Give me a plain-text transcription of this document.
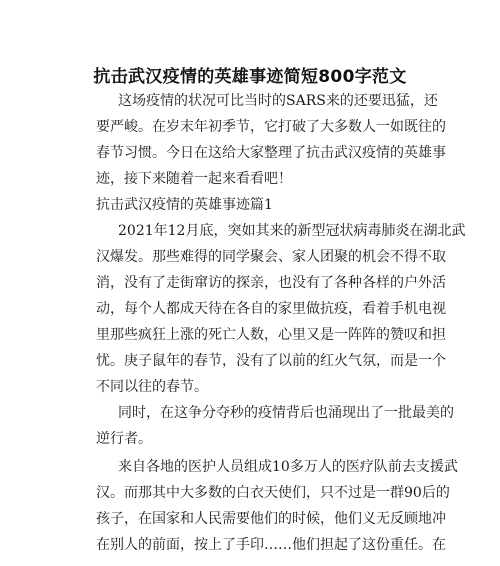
抗击武汉疫情的英雄事迹简短800字范文
这场疫情的状况可比当时的SARS来的还要迅猛，还
要严峻。在岁末年初季节，它打破了大多数人一如既往的
春节习惯。今日在这给大家整理了抗击武汉疫情的英雄事
迹，接下来随着一起来看看吧！
抗击武汉疫情的英雄事迹篇1
2021年12月底，突如其来的新型冠状病毒肺炎在湖北武
汉爆发。那些难得的同学聚会、家人团聚的机会不得不取
消，没有了走街窜访的探亲，也没有了各种各样的户外活
动，每个人都成天待在各自的家里做抗疫，看着手机电视
里那些疯狂上涨的死亡人数，心里又是一阵阵的赞叹和担
忧。庚子鼠年的春节，没有了以前的红火气氛，而是一个
不同以往的春节。
同时，在这争分夺秒的疫情背后也涌现出了一批最美的
逆行者。
来自各地的医护人员组成10多万人的医疗队前去支援武
汉。而那其中大多数的白衣天使们，只不过是一群90后的
孩子，在国家和人民需要他们的时候，他们义无反顾地冲
在别人的前面，按上了手印……他们担起了这份重任。在
